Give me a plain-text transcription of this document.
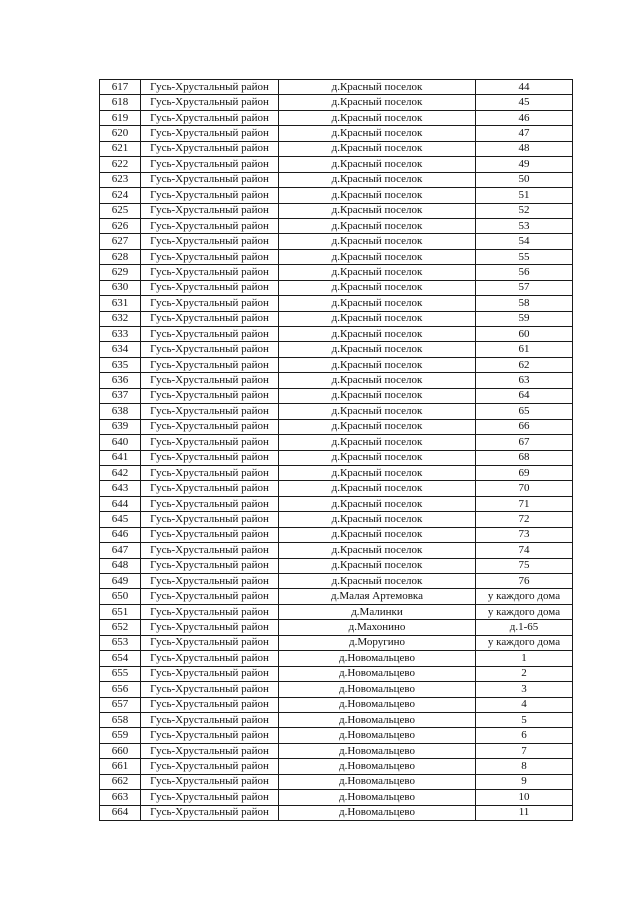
617	Гусь-Хрустальный район	д.Красный поселок	44
618	Гусь-Хрустальный район	д.Красный поселок	45
619	Гусь-Хрустальный район	д.Красный поселок	46
620	Гусь-Хрустальный район	д.Красный поселок	47
621	Гусь-Хрустальный район	д.Красный поселок	48
622	Гусь-Хрустальный район	д.Красный поселок	49
623	Гусь-Хрустальный район	д.Красный поселок	50
624	Гусь-Хрустальный район	д.Красный поселок	51
625	Гусь-Хрустальный район	д.Красный поселок	52
626	Гусь-Хрустальный район	д.Красный поселок	53
627	Гусь-Хрустальный район	д.Красный поселок	54
628	Гусь-Хрустальный район	д.Красный поселок	55
629	Гусь-Хрустальный район	д.Красный поселок	56
630	Гусь-Хрустальный район	д.Красный поселок	57
631	Гусь-Хрустальный район	д.Красный поселок	58
632	Гусь-Хрустальный район	д.Красный поселок	59
633	Гусь-Хрустальный район	д.Красный поселок	60
634	Гусь-Хрустальный район	д.Красный поселок	61
635	Гусь-Хрустальный район	д.Красный поселок	62
636	Гусь-Хрустальный район	д.Красный поселок	63
637	Гусь-Хрустальный район	д.Красный поселок	64
638	Гусь-Хрустальный район	д.Красный поселок	65
639	Гусь-Хрустальный район	д.Красный поселок	66
640	Гусь-Хрустальный район	д.Красный поселок	67
641	Гусь-Хрустальный район	д.Красный поселок	68
642	Гусь-Хрустальный район	д.Красный поселок	69
643	Гусь-Хрустальный район	д.Красный поселок	70
644	Гусь-Хрустальный район	д.Красный поселок	71
645	Гусь-Хрустальный район	д.Красный поселок	72
646	Гусь-Хрустальный район	д.Красный поселок	73
647	Гусь-Хрустальный район	д.Красный поселок	74
648	Гусь-Хрустальный район	д.Красный поселок	75
649	Гусь-Хрустальный район	д.Красный поселок	76
650	Гусь-Хрустальный район	д.Малая Артемовка	у каждого дома
651	Гусь-Хрустальный район	д.Малинки	у каждого дома
652	Гусь-Хрустальный район	д.Махонино	д.1-65
653	Гусь-Хрустальный район	д.Моругино	у каждого дома
654	Гусь-Хрустальный район	д.Новомальцево	1
655	Гусь-Хрустальный район	д.Новомальцево	2
656	Гусь-Хрустальный район	д.Новомальцево	3
657	Гусь-Хрустальный район	д.Новомальцево	4
658	Гусь-Хрустальный район	д.Новомальцево	5
659	Гусь-Хрустальный район	д.Новомальцево	6
660	Гусь-Хрустальный район	д.Новомальцево	7
661	Гусь-Хрустальный район	д.Новомальцево	8
662	Гусь-Хрустальный район	д.Новомальцево	9
663	Гусь-Хрустальный район	д.Новомальцево	10
664	Гусь-Хрустальный район	д.Новомальцево	11
